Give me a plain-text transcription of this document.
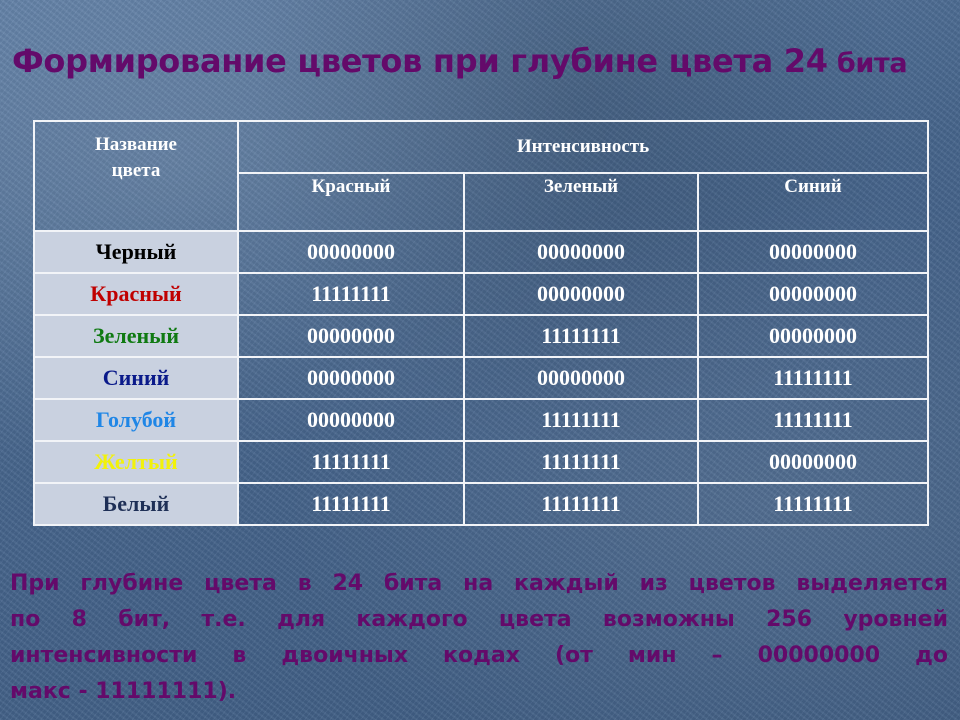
Формирование цветов при глубине цвета 24 бита
Название
цвета	Интенсивность		
	Красный	Зеленый	Синий
Черный	00000000	00000000	00000000
Красный	11111111	00000000	00000000
Зеленый	00000000	11111111	00000000
Синий	00000000	00000000	11111111
Голубой	00000000	11111111	11111111
Желтый	11111111	11111111	00000000
Белый	11111111	11111111	11111111
При глубине цвета в 24 бита на каждый из цветов выделяется
по 8 бит, т.е. для каждого цвета возможны 256 уровней
интенсивности в двоичных кодах (от мин – 00000000 до
макс - 11111111).
